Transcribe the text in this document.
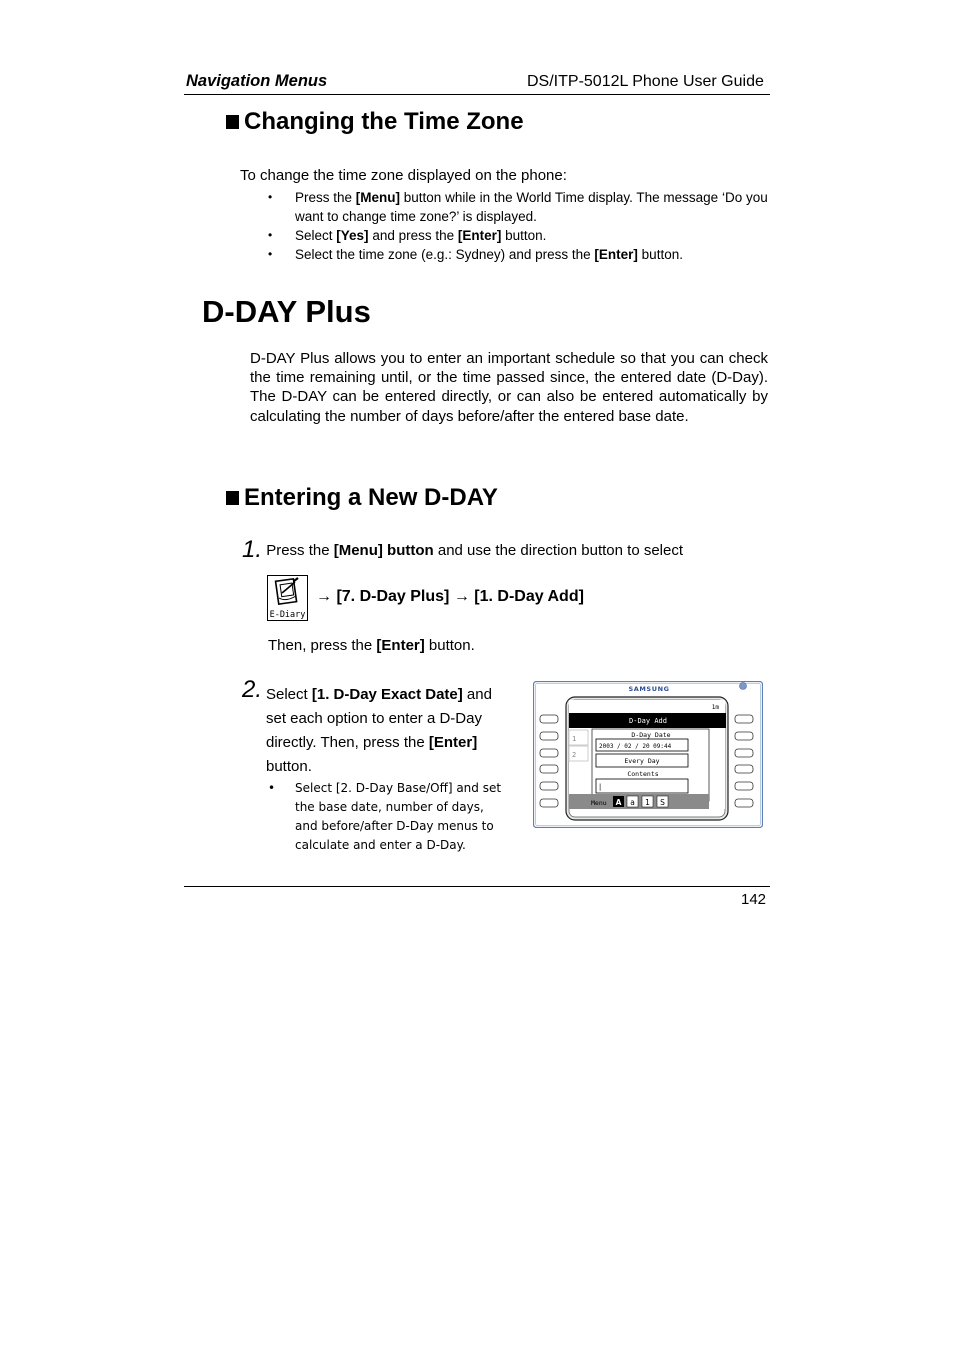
Navigation Menus	DS/ITP-5012L Phone User Guide
Changing the Time Zone
To change the time zone displayed on the phone:
• Press the [Menu] button while in the World Time display. The message ‘Do you want to change time zone?’ is displayed.
• Select [Yes] and press the [Enter] button.
• Select the time zone (e.g.: Sydney) and press the [Enter] button.
D-DAY Plus
D-DAY Plus allows you to enter an important schedule so that you can check the time remaining until, or the time passed since, the entered date (D-Day). The D-DAY can be entered directly, or can also be entered automatically by calculating the number of days before/after the entered base date.
Entering a New D-DAY
1. Press the [Menu] button and use the direction button to select
E-Diary
→ [7. D-Day Plus] → [1. D-Day Add]
Then, press the [Enter] button.
2. Select [1. D-Day Exact Date] and set each option to enter a D-Day directly. Then, press the [Enter] button.
• Select [2. D-Day Base/Off] and set the base date, number of days, and before/after D-Day menus to calculate and enter a D-Day.
SAMSUNG
1m
D-Day Add
1
2
D-Day Date
2003 / 02 / 20 09:44
Every Day
Contents
|
Menu A a 1 S
142
